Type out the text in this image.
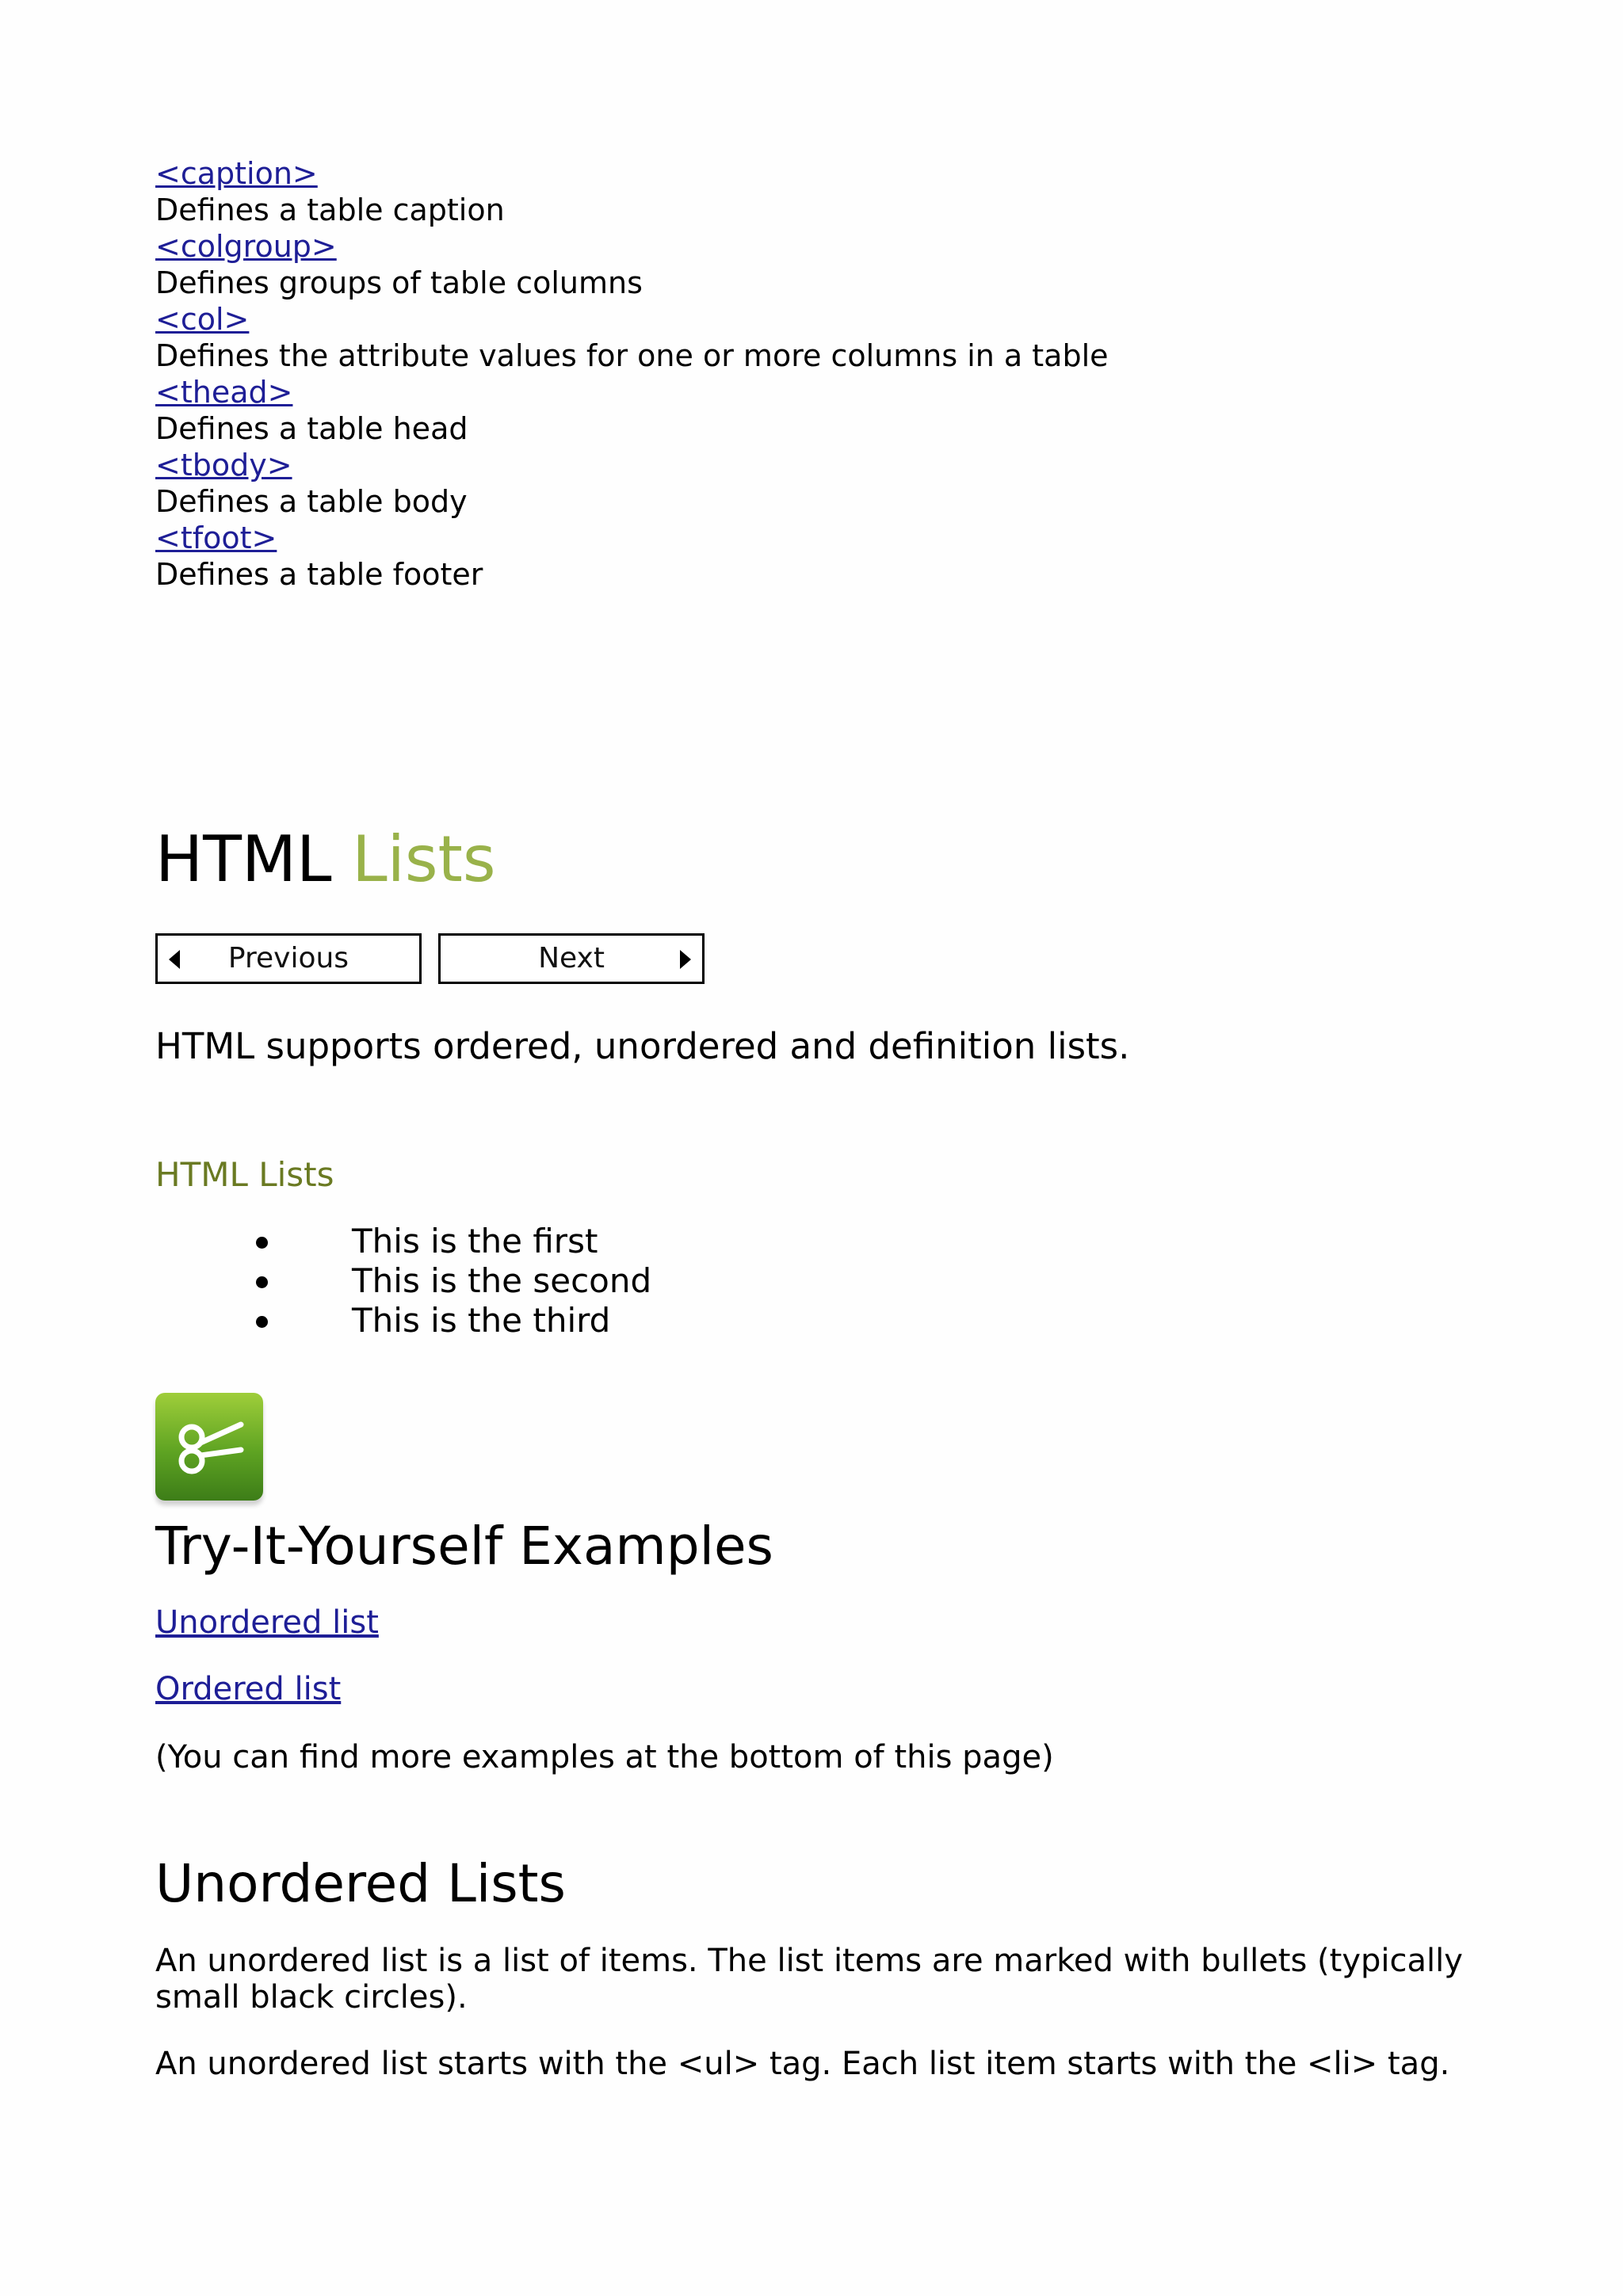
<caption>
Defines a table caption
<colgroup>
Defines groups of table columns
<col>
Defines the attribute values for one or more columns in a table
<thead>
Defines a table head
<tbody>
Defines a table body
<tfoot>
Defines a table footer
HTML Lists
Previous	Next
HTML supports ordered, unordered and definition lists.
HTML Lists
This is the first
This is the second
This is the third
Try-It-Yourself Examples
Unordered list
Ordered list
(You can find more examples at the bottom of this page)
Unordered Lists
An unordered list is a list of items. The list items are marked with bullets (typically small black circles).
An unordered list starts with the <ul> tag. Each list item starts with the <li> tag.
